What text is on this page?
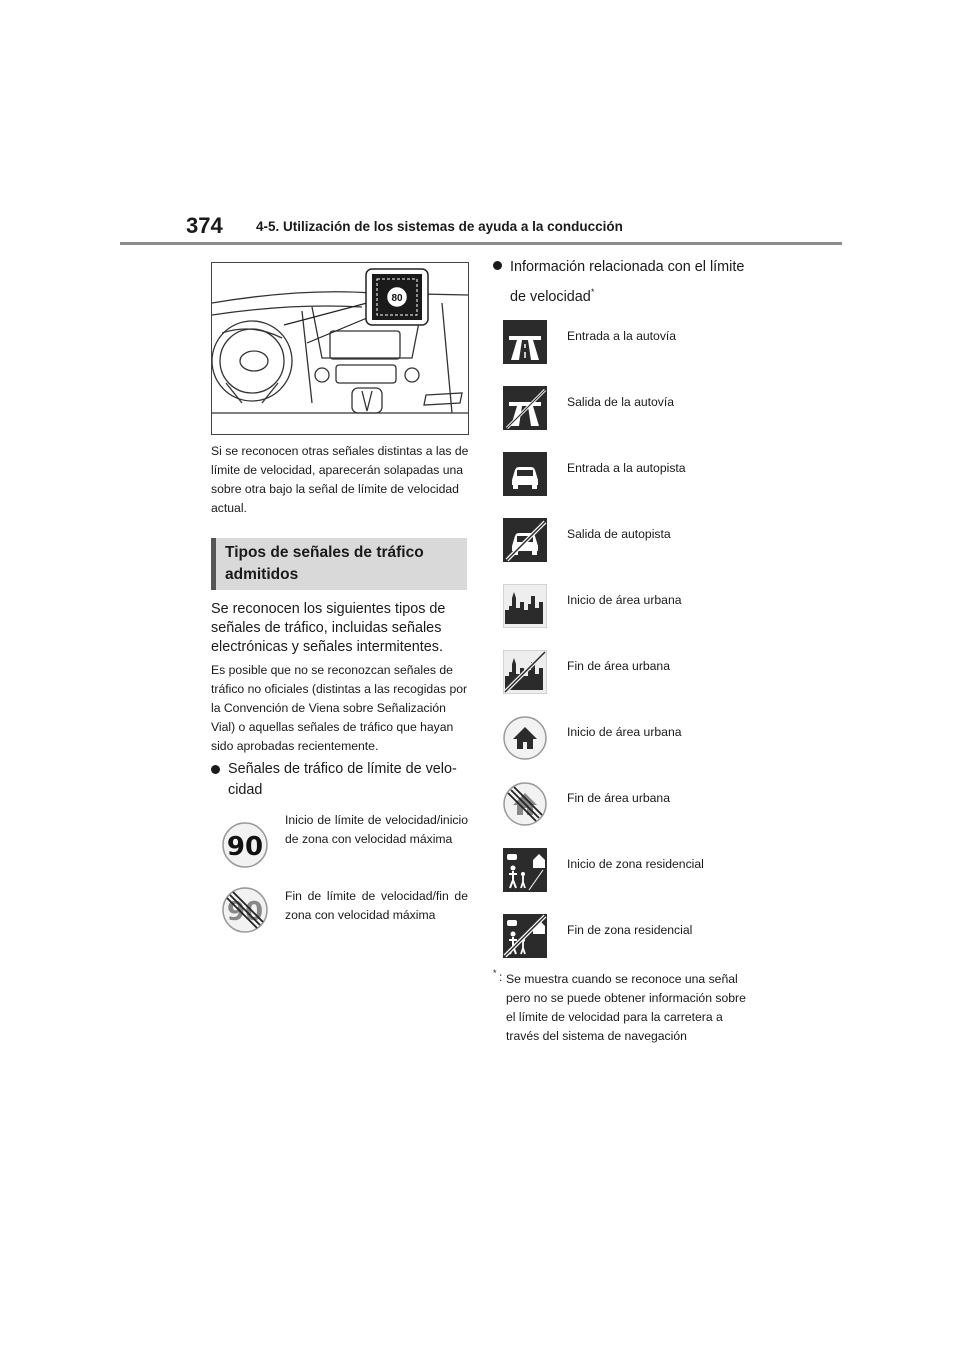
374 4-5. Utilización de los sistemas de ayuda a la conducción
80
Si se reconocen otras señales distintas a las de límite de velocidad, aparecerán solapadas una sobre otra bajo la señal de límite de velocidad actual.
Tipos de señales de tráfico admitidos
Se reconocen los siguientes tipos de señales de tráfico, incluidas señales electrónicas y señales intermitentes.
Es posible que no se reconozcan señales de tráfico no oficiales (distintas a las recogidas por la Convención de Viena sobre Señalización Vial) o aquellas señales de tráfico que hayan sido aprobadas recientemente.
Señales de tráfico de límite de velocidad
90
Inicio de límite de velocidad/inicio de zona con velocidad máxima
90
Fin de límite de velocidad/fin de zona con velocidad máxima
Información relacionada con el límite de velocidad*
Entrada a la autovía
Salida de la autovía
Entrada a la autopista
Salida de autopista
Inicio de área urbana
Fin de área urbana
Inicio de área urbana
Fin de área urbana
Inicio de zona residencial
Fin de zona residencial
* : Se muestra cuando se reconoce una señal pero no se puede obtener información sobre el límite de velocidad para la carretera a través del sistema de navegación
